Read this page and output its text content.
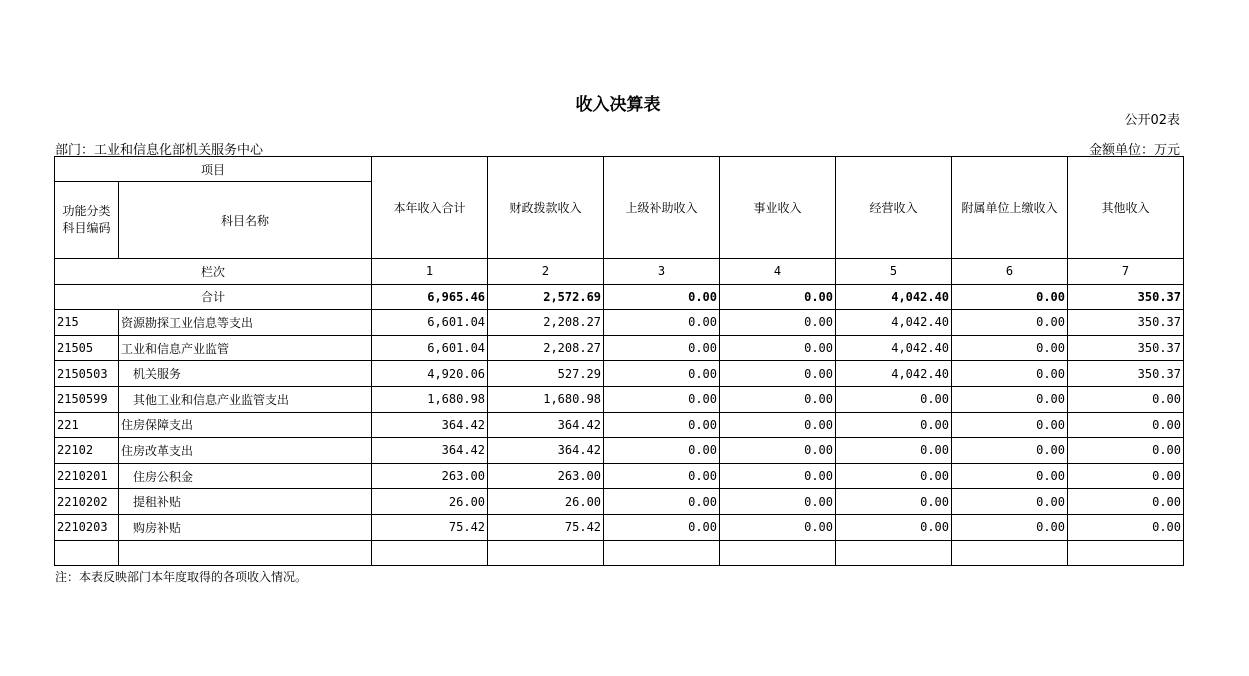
收入决算表
公开02表
部门：工业和信息化部机关服务中心	金额单位：万元
项目		本年收入合计	财政拨款收入	上级补助收入	事业收入	经营收入	附属单位上缴收入	其他收入
功能分类
科目编码	科目名称							
栏次		1	2	3	4	5	6	7
合计		6,965.46	2,572.69	0.00	0.00	4,042.40	0.00	350.37
215	资源勘探工业信息等支出	6,601.04	2,208.27	0.00	0.00	4,042.40	0.00	350.37
21505	工业和信息产业监管	6,601.04	2,208.27	0.00	0.00	4,042.40	0.00	350.37
2150503	机关服务	4,920.06	527.29	0.00	0.00	4,042.40	0.00	350.37
2150599	其他工业和信息产业监管支出	1,680.98	1,680.98	0.00	0.00	0.00	0.00	0.00
221	住房保障支出	364.42	364.42	0.00	0.00	0.00	0.00	0.00
22102	住房改革支出	364.42	364.42	0.00	0.00	0.00	0.00	0.00
2210201	住房公积金	263.00	263.00	0.00	0.00	0.00	0.00	0.00
2210202	提租补贴	26.00	26.00	0.00	0.00	0.00	0.00	0.00
2210203	购房补贴	75.42	75.42	0.00	0.00	0.00	0.00	0.00

注：本表反映部门本年度取得的各项收入情况。
